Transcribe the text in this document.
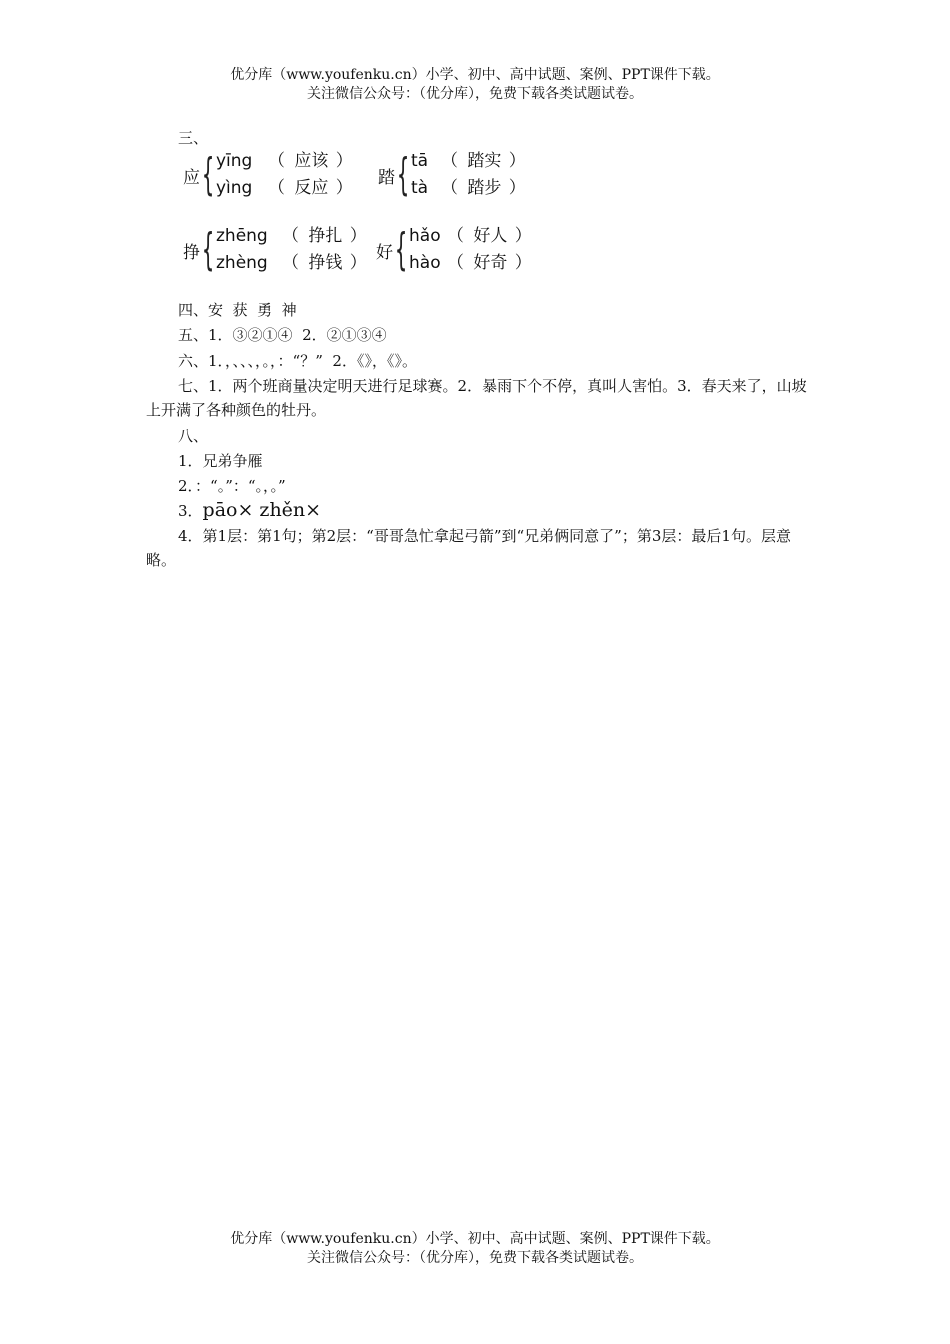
优分库（www.youfenku.cn）小学、初中、高中试题、案例、PPT课件下载。
关注微信公众号：（优分库），免费下载各类试题试卷。
三、
应 { yīng （ 应该 ）
yìng （ 反应 ）
踏 { tā （ 踏实 ）
tà （ 踏步 ）
挣 { zhēng （ 挣扎 ）
zhèng （ 挣钱 ）
好 { hǎo （ 好人 ）
hào （ 好奇 ）
四、安  获  勇  神
五、1．③②①④  2．②①③④
六、1．，、、、，。，：“？”  2．《》，《》。
七、1．两个班商量决定明天进行足球赛。2．暴雨下个不停，真叫人害怕。3．春天来了，山坡上开满了各种颜色的牡丹。
八、
1．兄弟争雁
2．：“。”：“。，。”
3．pāo× zhěn×
4．第1层：第1句；第2层：“哥哥急忙拿起弓箭”到“兄弟俩同意了”；第3层：最后1句。层意略。
优分库（www.youfenku.cn）小学、初中、高中试题、案例、PPT课件下载。
关注微信公众号：（优分库），免费下载各类试题试卷。
